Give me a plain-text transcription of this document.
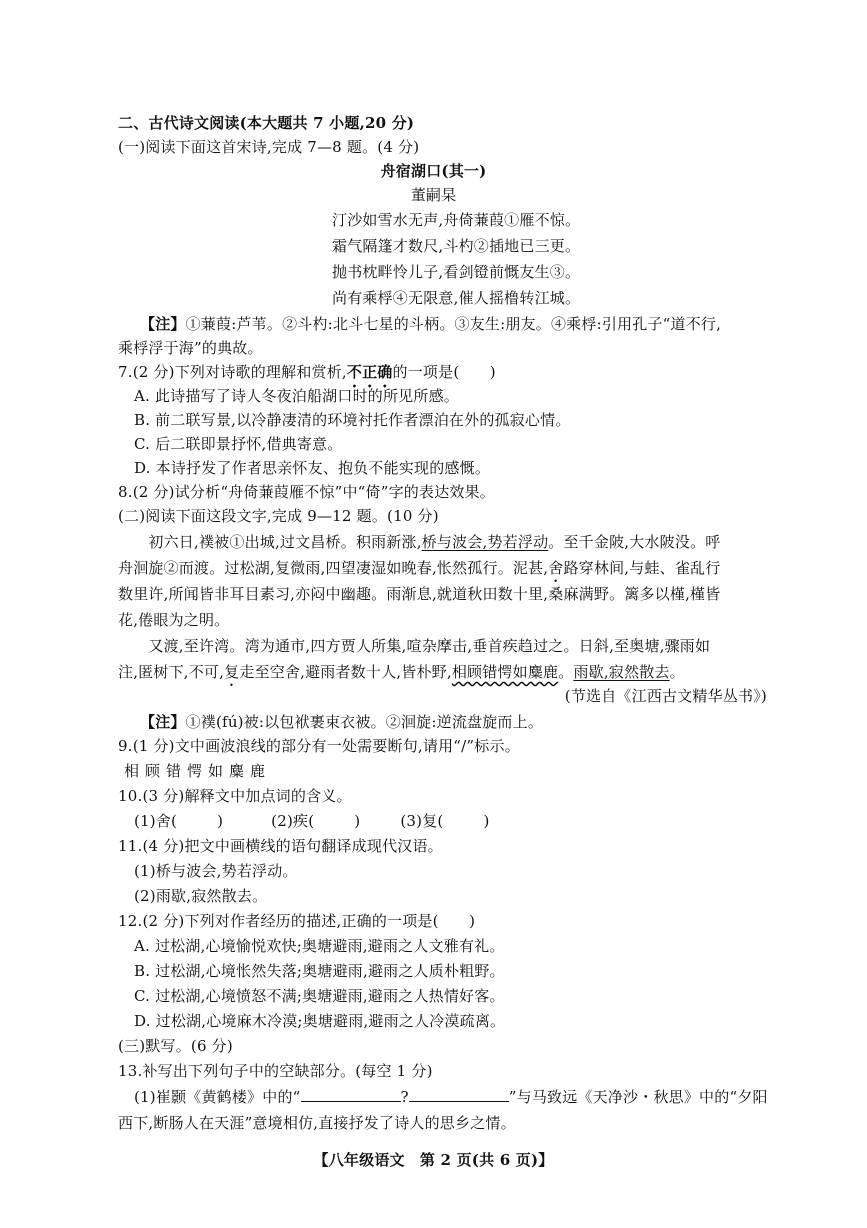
二、古代诗文阅读(本大题共 7 小题,20 分)
(一)阅读下面这首宋诗,完成 7—8 题。(4 分)
舟宿湖口(其一)
董嗣杲
汀沙如雪水无声,舟倚蒹葭①雁不惊。
霜气隔篷才数尺,斗杓②插地已三更。
抛书枕畔怜儿子,看剑镫前慨友生③。
尚有乘桴④无限意,催人摇橹转江城。
【注】①蒹葭:芦苇。②斗杓:北斗七星的斗柄。③友生:朋友。④乘桴:引用孔子“道不行,
乘桴浮于海”的典故。
7.(2 分)下列对诗歌的理解和赏析,不正确的一项是(　　)
A. 此诗描写了诗人冬夜泊船湖口时的所见所感。
B. 前二联写景,以冷静凄清的环境衬托作者漂泊在外的孤寂心情。
C. 后二联即景抒怀,借典寄意。
D. 本诗抒发了作者思亲怀友、抱负不能实现的感慨。
8.(2 分)试分析“舟倚蒹葭雁不惊”中“倚”字的表达效果。
(二)阅读下面这段文字,完成 9—12 题。(10 分)
　　初六日,襆被①出城,过文昌桥。积雨新涨,桥与波会,势若浮动。至千金陂,大水陂没。呼
舟洄旋②而渡。过松湖,复微雨,四望凄湿如晚春,怅然孤行。泥甚,舍路穿林间,与蛙、雀乱行
数里许,所闻皆非耳目素习,亦闷中幽趣。雨渐息,就道秋田数十里,桑麻满野。篱多以槿,槿皆
花,倦眼为之明。
　　又渡,至许湾。湾为通市,四方贾人所集,喧杂摩击,垂首疾趋过之。日斜,至奥塘,骤雨如
注,匿树下,不可,复走至空舍,避雨者数十人,皆朴野,相顾错愕如麋鹿。雨歇,寂然散去。
(节选自《江西古文精华丛书》)
【注】①襆(fú)被:以包袱裹束衣被。②洄旋:逆流盘旋而上。
9.(1 分)文中画波浪线的部分有一处需要断句,请用“/”标示。
相顾错愕如麋鹿
10.(3 分)解释文中加点词的含义。
(1)舍(	)	(2)疾(	)	(3)复(	)
11.(4 分)把文中画横线的语句翻译成现代汉语。
(1)桥与波会,势若浮动。
(2)雨歇,寂然散去。
12.(2 分)下列对作者经历的描述,正确的一项是(　　)
A. 过松湖,心境愉悦欢快;奥塘避雨,避雨之人文雅有礼。
B. 过松湖,心境怅然失落;奥塘避雨,避雨之人质朴粗野。
C. 过松湖,心境愤怒不满;奥塘避雨,避雨之人热情好客。
D. 过松湖,心境麻木冷漠;奥塘避雨,避雨之人冷漠疏离。
(三)默写。(6 分)
13.补写出下列句子中的空缺部分。(每空 1 分)
(1)崔颢《黄鹤楼》中的“	?	”与马致远《天净沙・秋思》中的“夕阳
西下,断肠人在天涯”意境相仿,直接抒发了诗人的思乡之情。
【八年级语文　第 2 页(共 6 页)】
